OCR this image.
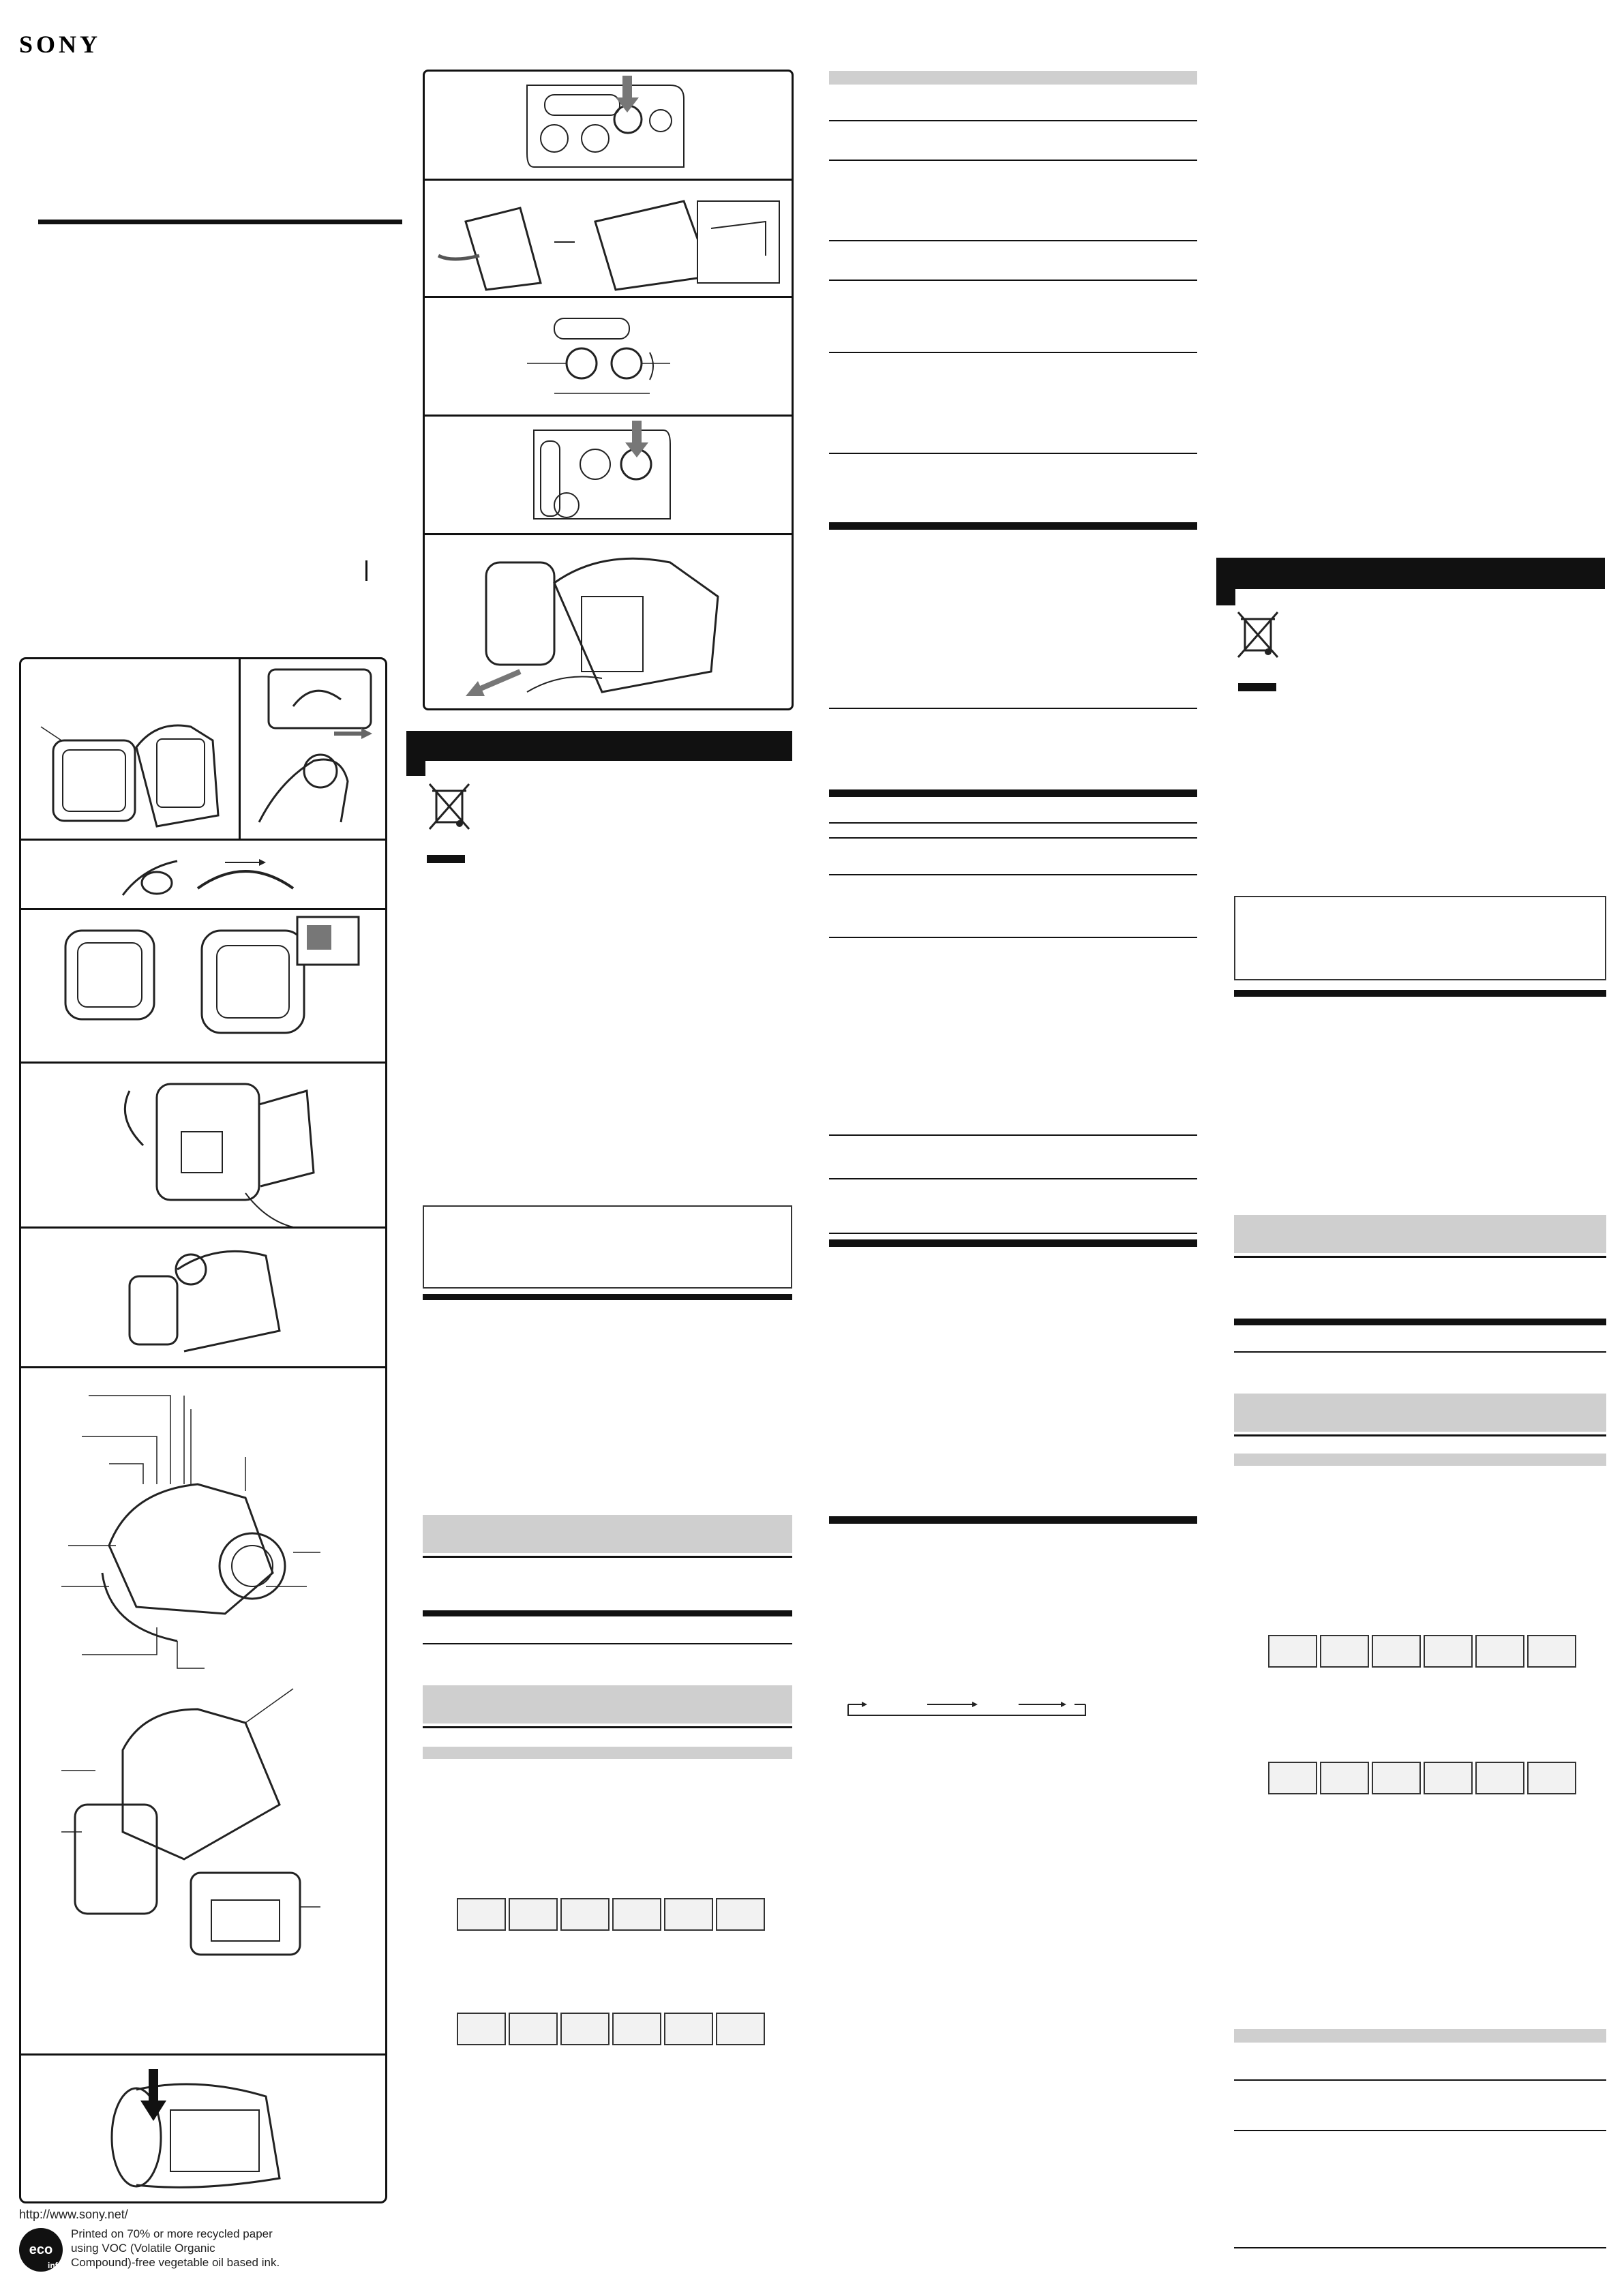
SONY
http://www.sony.net/
eco
info
Printed on 70% or more recycled paper
using VOC (Volatile Organic
Compound)-free vegetable oil based ink.
